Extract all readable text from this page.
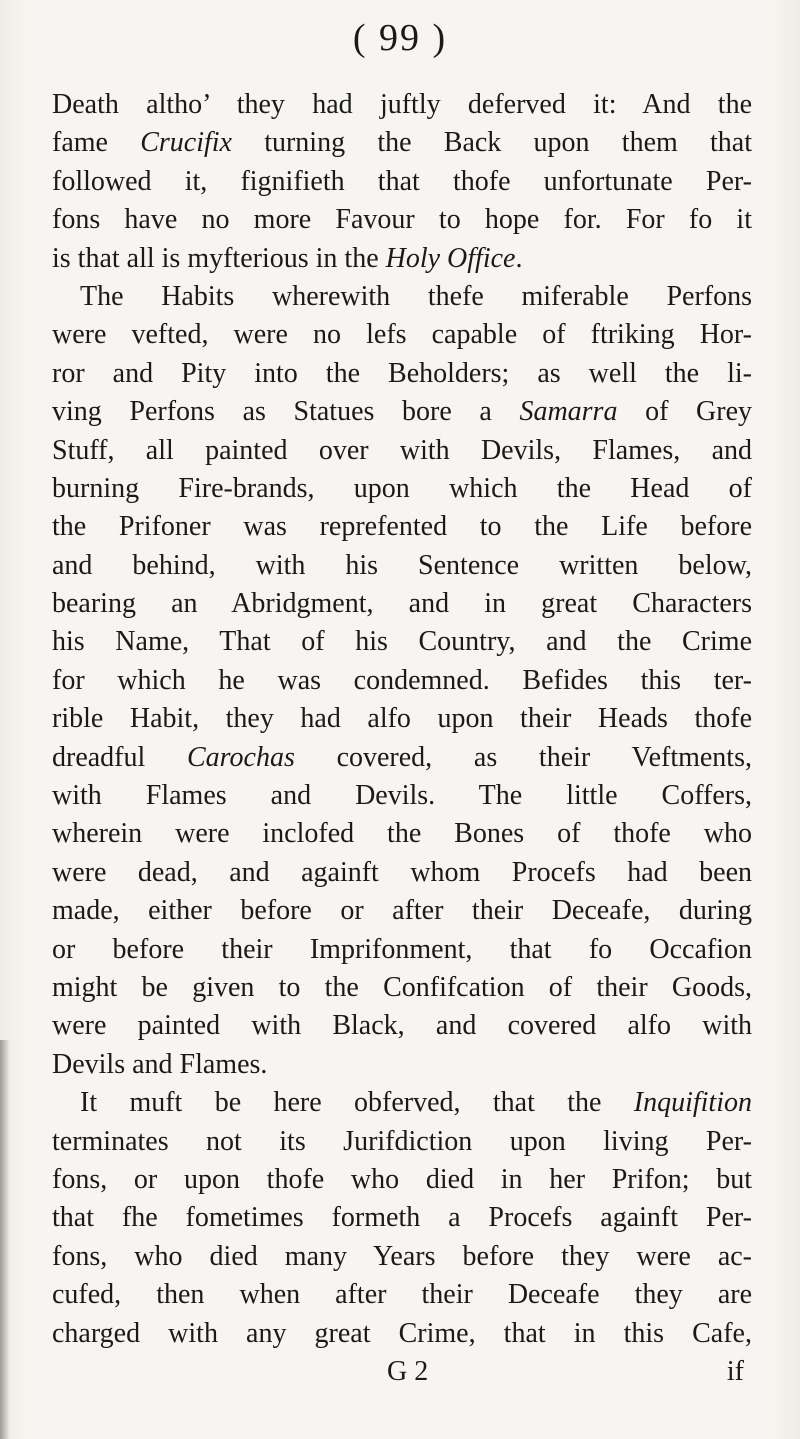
( 99 )
Death altho’ they had juftly deferved it: And the
fame Crucifix turning the Back upon them that
followed it, fignifieth that thofe unfortunate Per-
fons have no more Favour to hope for. For fo it
is that all is myfterious in the Holy Office.
The Habits wherewith thefe miferable Perfons
were vefted, were no lefs capable of ftriking Hor-
ror and Pity into the Beholders; as well the li-
ving Perfons as Statues bore a Samarra of Grey
Stuff, all painted over with Devils, Flames, and
burning Fire-brands, upon which the Head of
the Prifoner was reprefented to the Life before
and behind, with his Sentence written below,
bearing an Abridgment, and in great Characters
his Name, That of his Country, and the Crime
for which he was condemned. Befides this ter-
rible Habit, they had alfo upon their Heads thofe
dreadful Carochas covered, as their Veftments,
with Flames and Devils. The little Coffers,
wherein were inclofed the Bones of thofe who
were dead, and againft whom Procefs had been
made, either before or after their Deceafe, during
or before their Imprifonment, that fo Occafion
might be given to the Confifcation of their Goods,
were painted with Black, and covered alfo with
Devils and Flames.
It muft be here obferved, that the Inquifition
terminates not its Jurifdiction upon living Per-
fons, or upon thofe who died in her Prifon; but
that fhe fometimes formeth a Procefs againft Per-
fons, who died many Years before they were ac-
cufed, then when after their Deceafe they are
charged with any great Crime, that in this Cafe,
G 2	if
